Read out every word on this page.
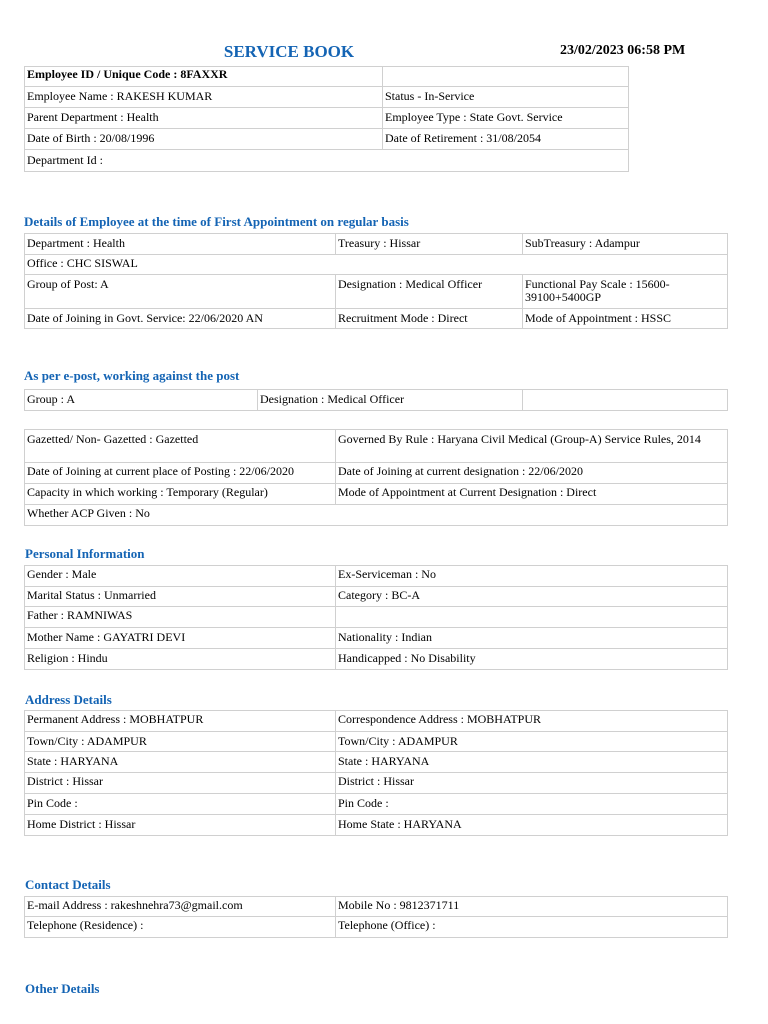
SERVICE BOOK	23/02/2023 06:58 PM
Employee ID / Unique Code : 8FAXXR	
Employee Name : RAKESH KUMAR	Status - In-Service
Parent Department : Health	Employee Type : State Govt. Service
Date of Birth : 20/08/1996	Date of Retirement : 31/08/2054
Department Id :	
Details of Employee at the time of First Appointment on regular basis
Department : Health	Treasury : Hissar	SubTreasury : Adampur
Office : CHC SISWAL		
Group of Post: A	Designation : Medical Officer	Functional Pay Scale : 15600-39100+5400GP
Date of Joining in Govt. Service: 22/06/2020 AN	Recruitment Mode : Direct	Mode of Appointment : HSSC
As per e-post, working against the post
Group : A	Designation : Medical Officer	
Gazetted/ Non- Gazetted : Gazetted	Governed By Rule : Haryana Civil Medical (Group-A) Service Rules, 2014
Date of Joining at current place of Posting : 22/06/2020	Date of Joining at current designation : 22/06/2020
Capacity in which working : Temporary (Regular)	Mode of Appointment at Current Designation : Direct
Whether ACP Given : No	
Personal Information
Gender : Male	Ex-Serviceman : No
Marital Status : Unmarried	Category : BC-A
Father : RAMNIWAS	
Mother Name : GAYATRI DEVI	Nationality : Indian
Religion : Hindu	Handicapped : No Disability
Address Details
Permanent Address : MOBHATPUR	Correspondence Address : MOBHATPUR
Town/City : ADAMPUR	Town/City : ADAMPUR
State : HARYANA	State : HARYANA
District : Hissar	District : Hissar
Pin Code :	Pin Code :
Home District : Hissar	Home State : HARYANA
Contact Details
E-mail Address : rakeshnehra73@gmail.com	Mobile No : 9812371711
Telephone (Residence) :	Telephone (Office) :
Other Details
